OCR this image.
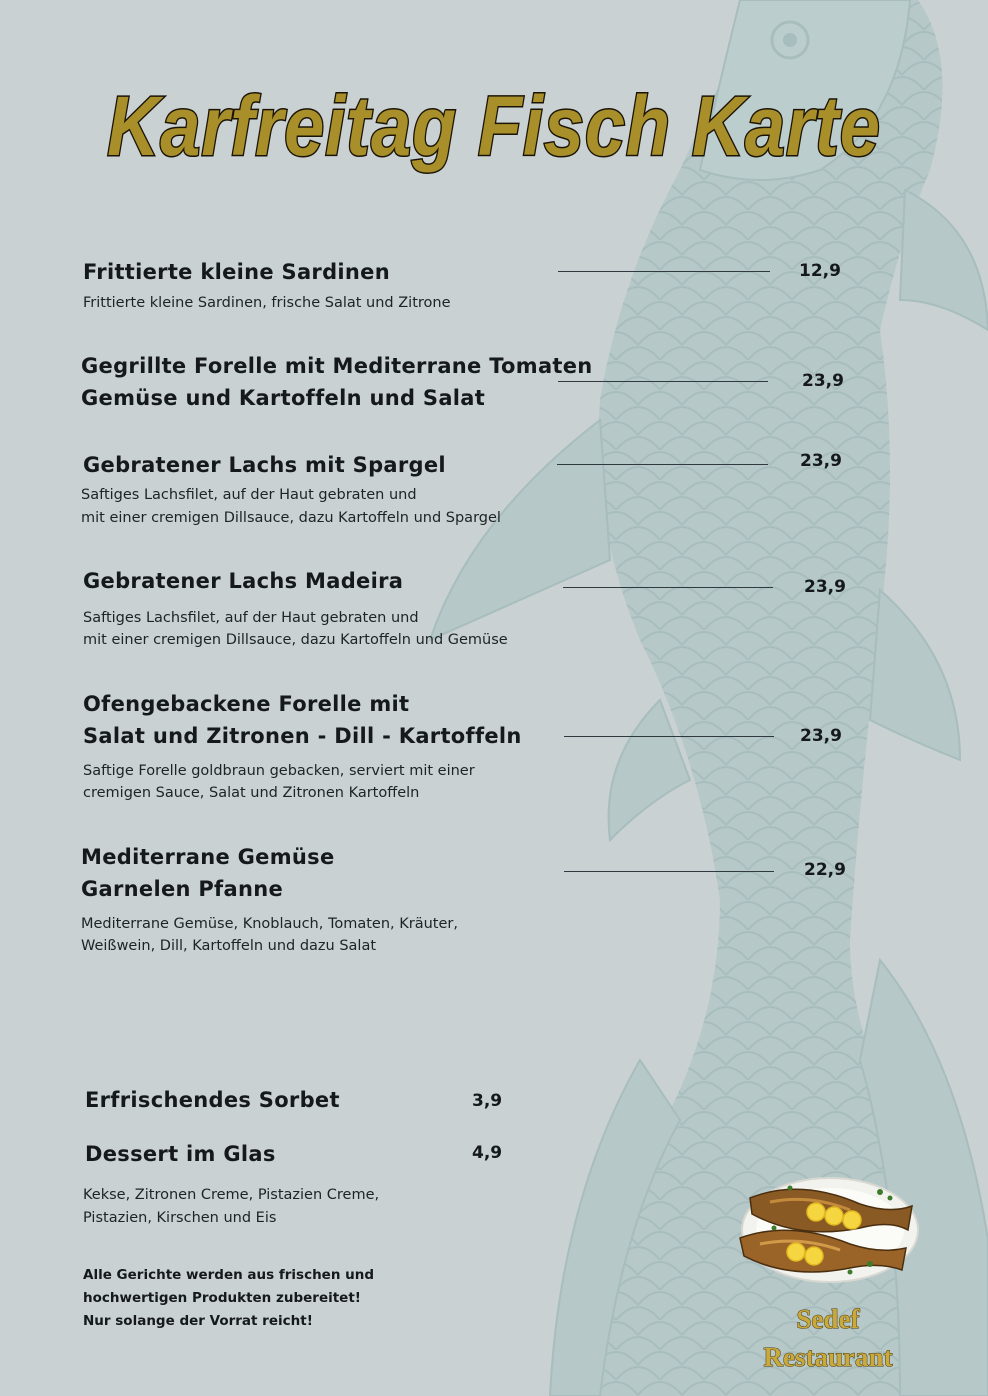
Karfreitag Fisch Karte
Frittierte kleine Sardinen	12,9
Frittierte kleine Sardinen, frische Salat und Zitrone
Gegrillte Forelle mit Mediterrane Tomaten
Gemüse und Kartoffeln und Salat
23,9
Gebratener Lachs mit Spargel	23,9
Saftiges Lachsfilet, auf der Haut gebraten und
mit einer cremigen Dillsauce, dazu Kartoffeln und Spargel
Gebratener Lachs Madeira	23,9
Saftiges Lachsfilet, auf der Haut gebraten und
mit einer cremigen Dillsauce, dazu Kartoffeln und Gemüse
Ofengebackene Forelle mit
Salat und Zitronen - Dill - Kartoffeln	23,9
Saftige Forelle goldbraun gebacken, serviert mit einer
cremigen Sauce, Salat und Zitronen Kartoffeln
Mediterrane Gemüse
Garnelen Pfanne
22,9
Mediterrane Gemüse, Knoblauch, Tomaten, Kräuter,
Weißwein, Dill, Kartoffeln und dazu Salat
Erfrischendes Sorbet	3,9
Dessert im Glas	4,9
Kekse, Zitronen Creme, Pistazien Creme,
Pistazien, Kirschen und Eis
Alle Gerichte werden aus frischen und
hochwertigen Produkten zubereitet!
Nur solange der Vorrat reicht!	Sedef
Restaurant
